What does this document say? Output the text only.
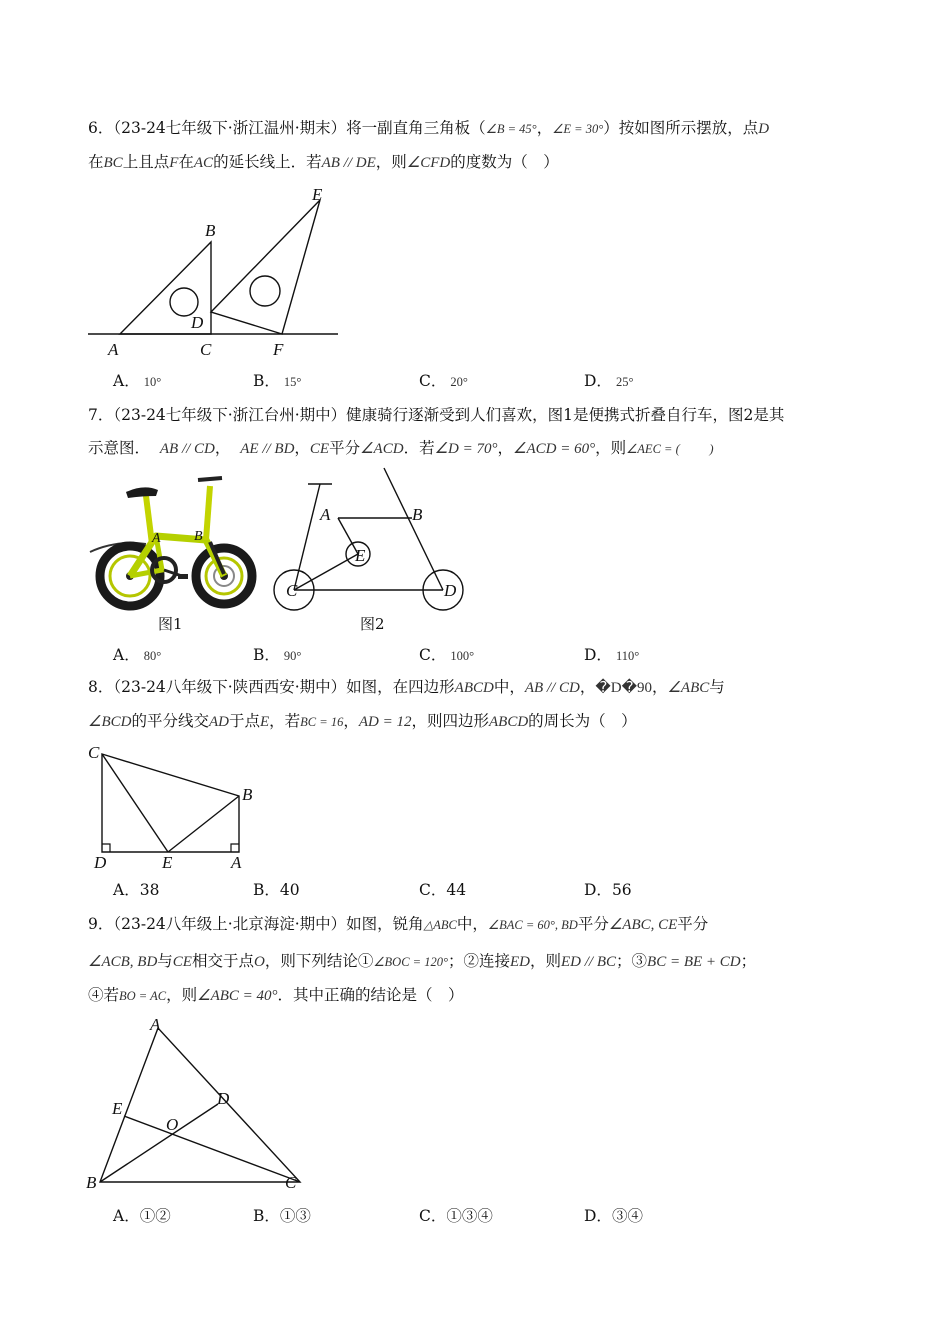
6．（23-24七年级下·浙江温州·期末）将一副直角三角板（∠B = 45°，∠E = 30°）按如图所示摆放，点D
在BC上且点F在AC的延长线上．若AB // DE，则∠CFD的度数为（　）
A
B
C
D
E
F
A． 10°	B． 15°	C． 20°	D． 25°
7．（23-24七年级下·浙江台州·期中）健康骑行逐渐受到人们喜欢，图1是便携式折叠自行车，图2是其
示意图． AB // CD， AE // BD，CE平分∠ACD．若∠D = 70°，∠ACD = 60°，则∠AEC = ( )
A B
图1
A	B
C	D
E
图2
A． 80°	B． 90°	C． 100°	D． 110°
8．（23-24八年级下·陕西西安·期中）如图，在四边形ABCD中，AB // CD，�D�90，∠ABC与
∠BCD的平分线交AD于点E，若BC = 16，AD = 12，则四边形ABCD的周长为（　）
C
B
D	E	A
A．38	B．40	C．44	D．56
9．（23-24八年级上·北京海淀·期中）如图，锐角△ABC中，∠BAC = 60°, BD平分∠ABC, CE平分
∠ACB, BD与CE相交于点O，则下列结论①∠BOC = 120°；②连接ED，则ED // BC；③BC = BE + CD；
④若BO = AC，则∠ABC = 40°．其中正确的结论是（　）
A
B	C
D
E
O
A．①②	B．①③	C．①③④	D．③④
